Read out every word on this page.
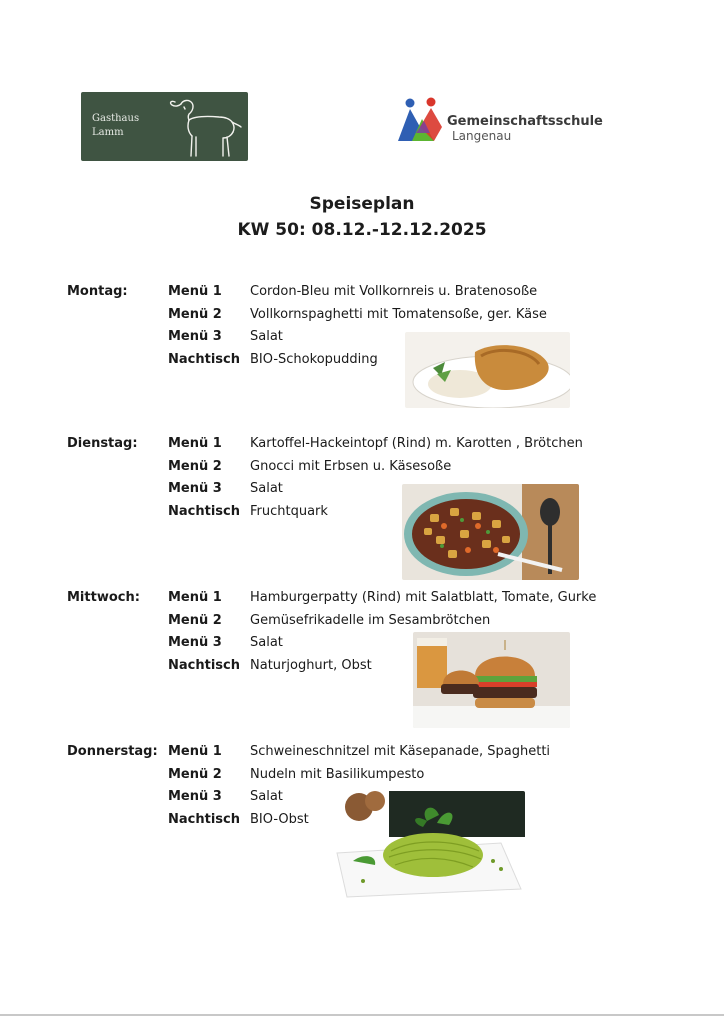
Gasthaus
Lamm
Gemeinschaftsschule
Langenau
Speiseplan
KW 50: 08.12.-12.12.2025
Montag:	Menü 1 Cordon-Bleu mit Vollkornreis u. Bratenosoße
Menü 2 Vollkornspaghetti mit Tomatensoße, ger. Käse
Menü 3 Salat
Nachtisch BIO-Schokopudding
Dienstag: Menü 1 Kartoffel-Hackeintopf (Rind) m. Karotten , Brötchen
Menü 2 Gnocci mit Erbsen u. Käsesoße
Menü 3 Salat
Nachtisch Fruchtquark
Mittwoch: Menü 1 Hamburgerpatty (Rind) mit Salatblatt, Tomate, Gurke
Menü 2 Gemüsefrikadelle im Sesambrötchen
Menü 3 Salat
Nachtisch Naturjoghurt, Obst
Donnerstag: Menü 1 Schweineschnitzel mit Käsepanade, Spaghetti
Menü 2 Nudeln mit Basilikumpesto
Menü 3 Salat
Nachtisch BIO-Obst
